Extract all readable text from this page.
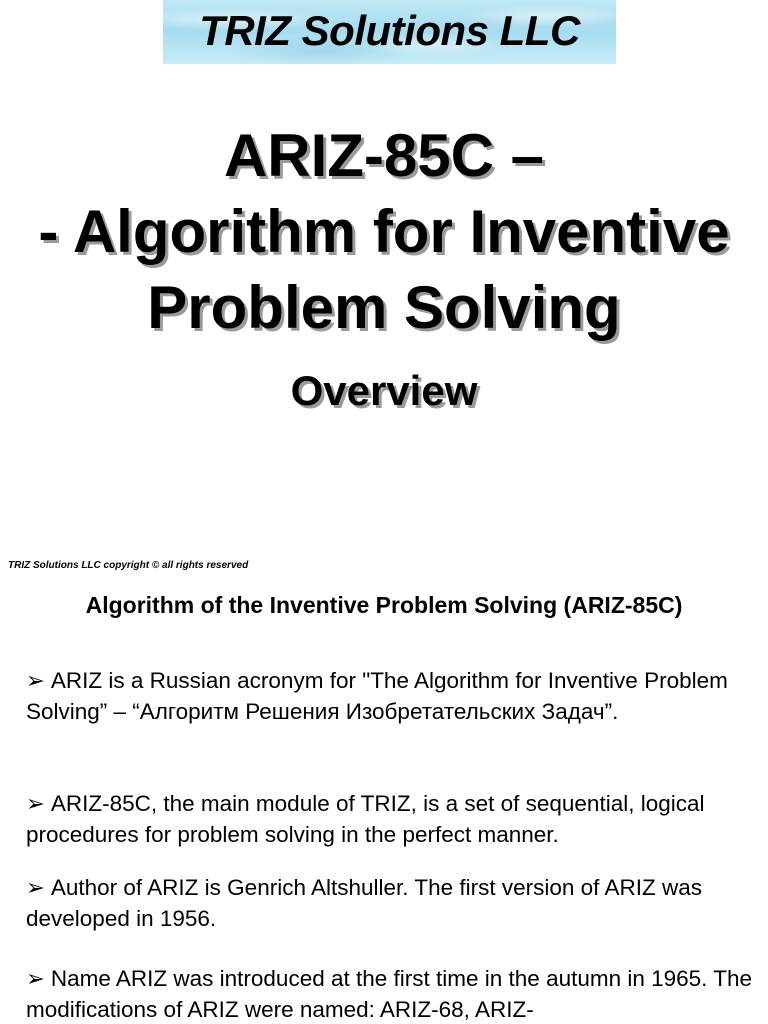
TRIZ Solutions LLC
ARIZ-85C –
- Algorithm for Inventive
Problem Solving
Overview
TRIZ Solutions LLC copyright © all rights reserved
Algorithm of the Inventive Problem Solving (ARIZ-85C)
➢ ARIZ is a Russian acronym for "The Algorithm for Inventive Problem Solving” – “Алгоритм Решения Изобретательских Задач”.
➢ ARIZ-85C, the main module of TRIZ, is a set of sequential, logical procedures for problem solving in the perfect manner.
➢ Author of ARIZ is Genrich Altshuller. The first version of ARIZ was developed in 1956.
➢ Name ARIZ was introduced at the first time in the autumn in 1965. The modifications of ARIZ were named: ARIZ-68, ARIZ-
